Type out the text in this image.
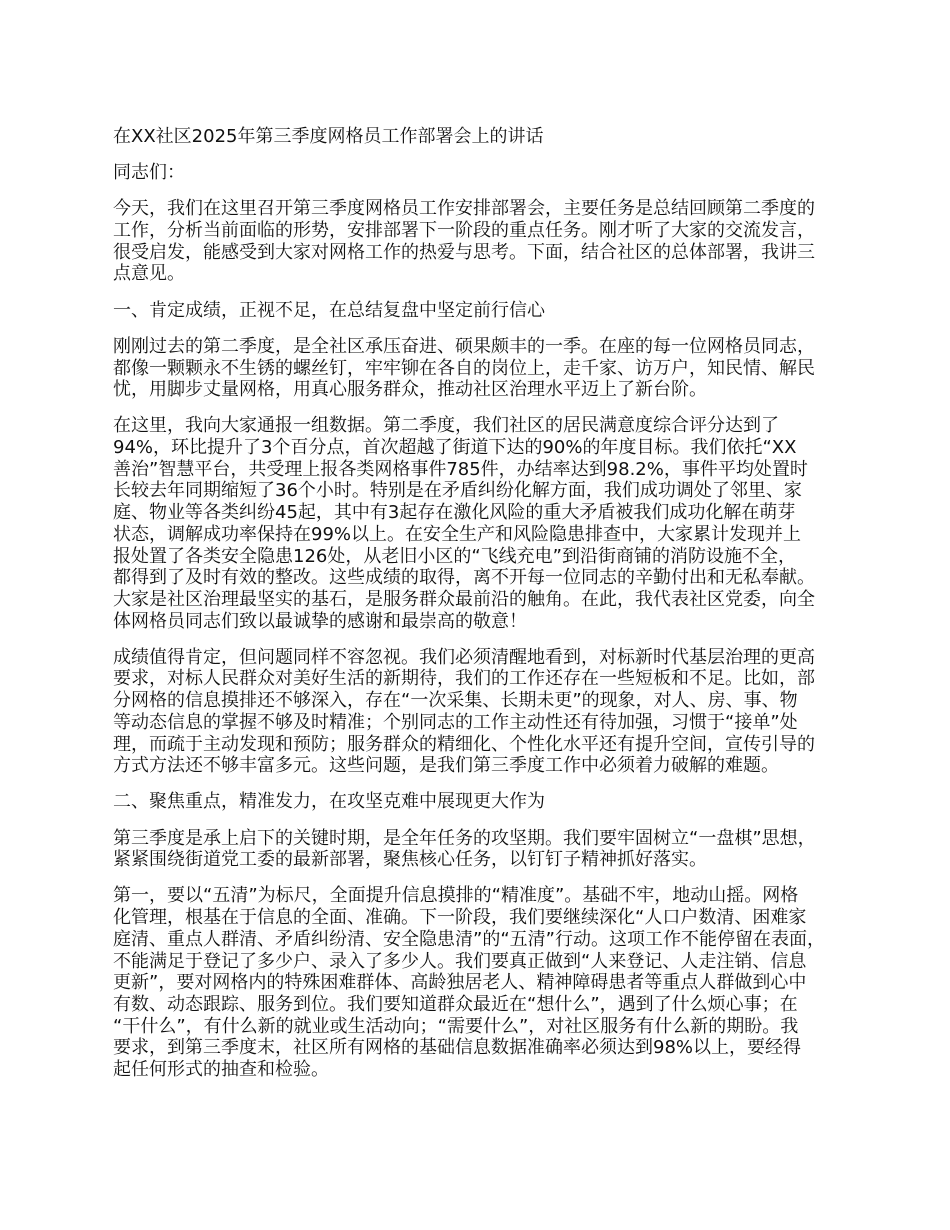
在XX社区2025年第三季度网格员工作部署会上的讲话
同志们：
今天，我们在这里召开第三季度网格员工作安排部署会，主要任务是总结回顾第二季度的
工作，分析当前面临的形势，安排部署下一阶段的重点任务。刚才听了大家的交流发言，
很受启发，能感受到大家对网格工作的热爱与思考。下面，结合社区的总体部署，我讲三
点意见。
一、肯定成绩，正视不足，在总结复盘中坚定前行信心
刚刚过去的第二季度，是全社区承压奋进、硕果颇丰的一季。在座的每一位网格员同志，
都像一颗颗永不生锈的螺丝钉，牢牢铆在各自的岗位上，走千家、访万户，知民情、解民
忧，用脚步丈量网格，用真心服务群众，推动社区治理水平迈上了新台阶。
在这里，我向大家通报一组数据。第二季度，我们社区的居民满意度综合评分达到了
94%，环比提升了3个百分点，首次超越了街道下达的90%的年度目标。我们依托“XX
善治”智慧平台，共受理上报各类网格事件785件，办结率达到98.2%，事件平均处置时
长较去年同期缩短了36个小时。特别是在矛盾纠纷化解方面，我们成功调处了邻里、家
庭、物业等各类纠纷45起，其中有3起存在激化风险的重大矛盾被我们成功化解在萌芽
状态，调解成功率保持在99%以上。在安全生产和风险隐患排查中，大家累计发现并上
报处置了各类安全隐患126处，从老旧小区的“飞线充电”到沿街商铺的消防设施不全，
都得到了及时有效的整改。这些成绩的取得，离不开每一位同志的辛勤付出和无私奉献。
大家是社区治理最坚实的基石，是服务群众最前沿的触角。在此，我代表社区党委，向全
体网格员同志们致以最诚挚的感谢和最崇高的敬意！
成绩值得肯定，但问题同样不容忽视。我们必须清醒地看到，对标新时代基层治理的更高
要求，对标人民群众对美好生活的新期待，我们的工作还存在一些短板和不足。比如，部
分网格的信息摸排还不够深入，存在“一次采集、长期未更”的现象，对人、房、事、物
等动态信息的掌握不够及时精准；个别同志的工作主动性还有待加强，习惯于“接单”处
理，而疏于主动发现和预防；服务群众的精细化、个性化水平还有提升空间，宣传引导的
方式方法还不够丰富多元。这些问题，是我们第三季度工作中必须着力破解的难题。
二、聚焦重点，精准发力，在攻坚克难中展现更大作为
第三季度是承上启下的关键时期，是全年任务的攻坚期。我们要牢固树立“一盘棋”思想，
紧紧围绕街道党工委的最新部署，聚焦核心任务，以钉钉子精神抓好落实。
第一，要以“五清”为标尺，全面提升信息摸排的“精准度”。基础不牢，地动山摇。网格
化管理，根基在于信息的全面、准确。下一阶段，我们要继续深化“人口户数清、困难家
庭清、重点人群清、矛盾纠纷清、安全隐患清”的“五清”行动。这项工作不能停留在表面，
不能满足于登记了多少户、录入了多少人。我们要真正做到“人来登记、人走注销、信息
更新”，要对网格内的特殊困难群体、高龄独居老人、精神障碍患者等重点人群做到心中
有数、动态跟踪、服务到位。我们要知道群众最近在“想什么”，遇到了什么烦心事；在
“干什么”，有什么新的就业或生活动向；“需要什么”，对社区服务有什么新的期盼。我
要求，到第三季度末，社区所有网格的基础信息数据准确率必须达到98%以上，要经得
起任何形式的抽查和检验。
